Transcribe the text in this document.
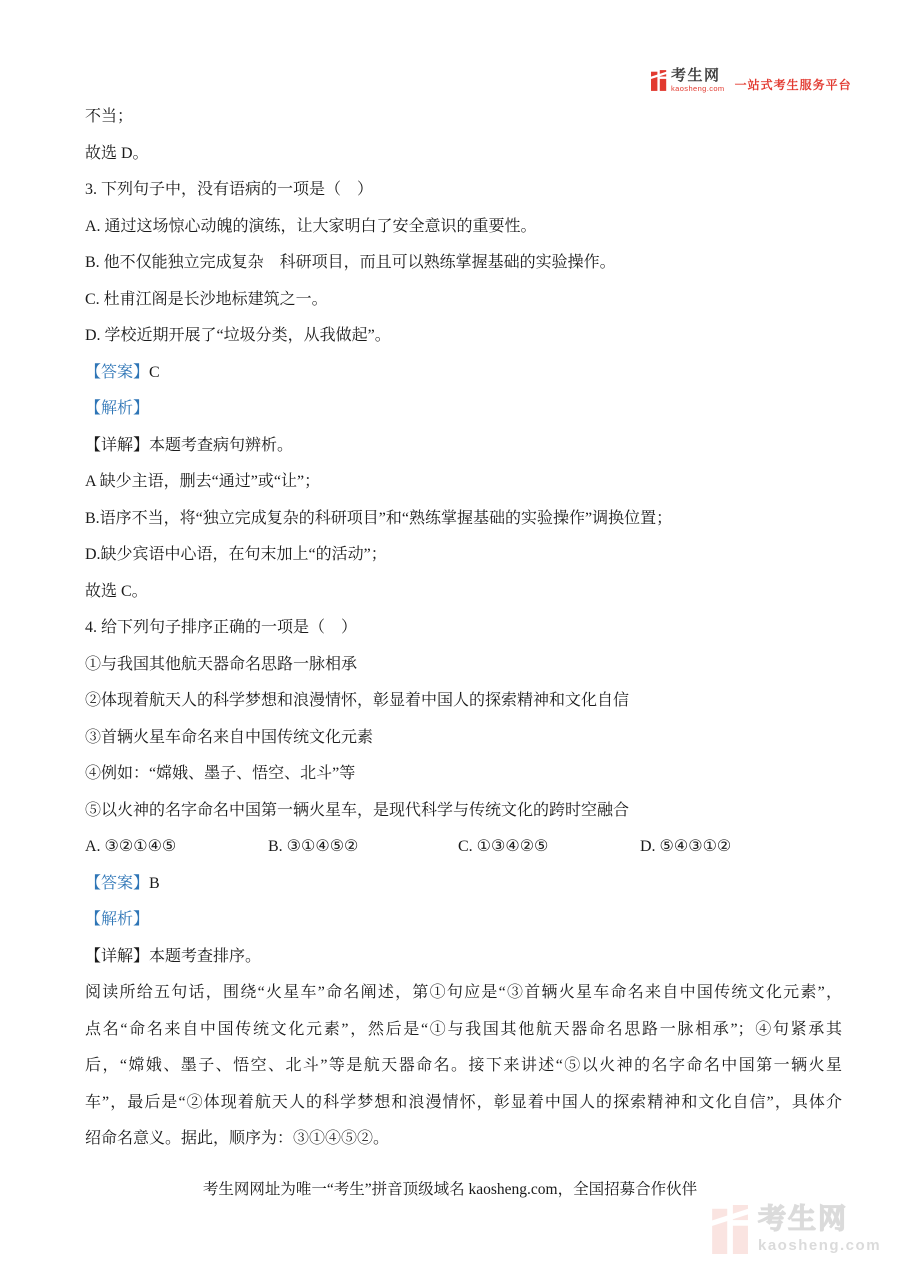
考生网
kaosheng.com 一站式考生服务平台
不当；
故选 D。
3. 下列句子中，没有语病的一项是（　）
A. 通过这场惊心动魄的演练，让大家明白了安全意识的重要性。
B. 他不仅能独立完成复杂　科研项目，而且可以熟练掌握基础的实验操作。
C. 杜甫江阁是长沙地标建筑之一。
D. 学校近期开展了“垃圾分类，从我做起”。
【答案】C
【解析】
【详解】本题考查病句辨析。
A 缺少主语，删去“通过”或“让”；
B.语序不当，将“独立完成复杂的科研项目”和“熟练掌握基础的实验操作”调换位置；
D.缺少宾语中心语，在句末加上“的活动”；
故选 C。
4. 给下列句子排序正确的一项是（　）
①与我国其他航天器命名思路一脉相承
②体现着航天人的科学梦想和浪漫情怀，彰显着中国人的探索精神和文化自信
③首辆火星车命名来自中国传统文化元素
④例如：“嫦娥、墨子、悟空、北斗”等
⑤以火神的名字命名中国第一辆火星车，是现代科学与传统文化的跨时空融合
A. ③②①④⑤	B. ③①④⑤②	C. ①③④②⑤	D. ⑤④③①②
【答案】B
【解析】
【详解】本题考查排序。
阅读所给五句话，围绕“火星车”命名阐述，第①句应是“③首辆火星车命名来自中国传统文化元素”，
点名“命名来自中国传统文化元素”，然后是“①与我国其他航天器命名思路一脉相承”；④句紧承其
后，“嫦娥、墨子、悟空、北斗”等是航天器命名。接下来讲述“⑤以火神的名字命名中国第一辆火星
车”，最后是“②体现着航天人的科学梦想和浪漫情怀，彰显着中国人的探索精神和文化自信”，具体介
绍命名意义。据此，顺序为：③①④⑤②。
考生网网址为唯一“考生”拼音顶级域名 kaosheng.com，全国招募合作伙伴
考生网
kaosheng.com
